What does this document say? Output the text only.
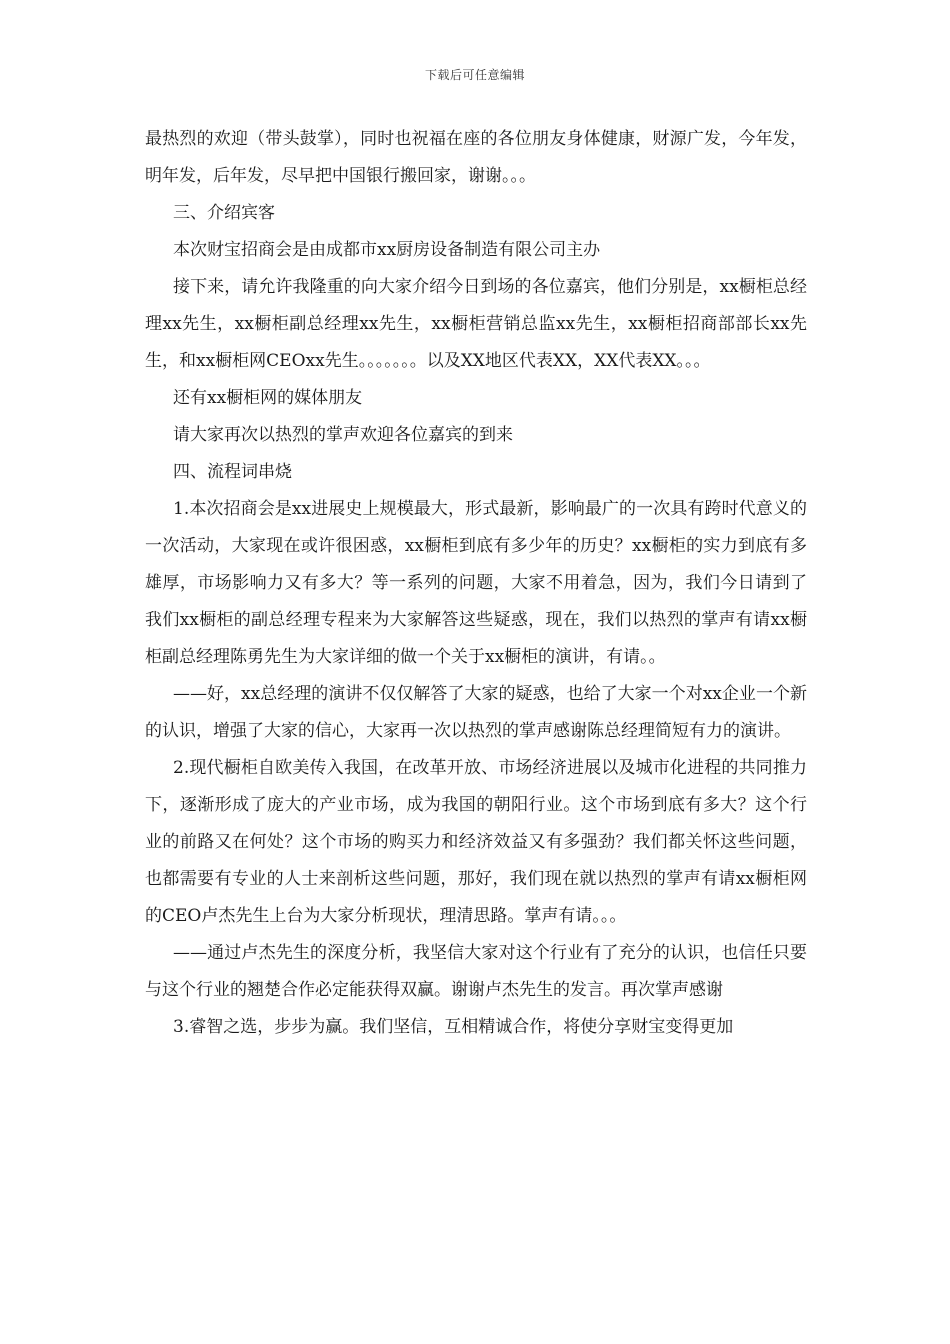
下载后可任意编辑

最热烈的欢迎（带头鼓掌），同时也祝福在座的各位朋友身体健康，财源广发，今年发，明年发，后年发，尽早把中国银行搬回家，谢谢。。。

三、介绍宾客

本次财宝招商会是由成都市xx厨房设备制造有限公司主办

接下来，请允许我隆重的向大家介绍今日到场的各位嘉宾，他们分别是，xx橱柜总经理xx先生，xx橱柜副总经理xx先生，xx橱柜营销总监xx先生，xx橱柜招商部部长xx先生，和xx橱柜网CEOxx先生。。。。。。。以及XX地区代表XX，XX代表XX。。。

还有xx橱柜网的媒体朋友

请大家再次以热烈的掌声欢迎各位嘉宾的到来

四、流程词串烧

1.本次招商会是xx进展史上规模最大，形式最新，影响最广的一次具有跨时代意义的一次活动，大家现在或许很困惑，xx橱柜到底有多少年的历史？xx橱柜的实力到底有多雄厚，市场影响力又有多大？等一系列的问题，大家不用着急，因为，我们今日请到了我们xx橱柜的副总经理专程来为大家解答这些疑惑，现在，我们以热烈的掌声有请xx橱柜副总经理陈勇先生为大家详细的做一个关于xx橱柜的演讲，有请。。

——好，xx总经理的演讲不仅仅解答了大家的疑惑，也给了大家一个对xx企业一个新的认识，增强了大家的信心，大家再一次以热烈的掌声感谢陈总经理简短有力的演讲。

2.现代橱柜自欧美传入我国，在改革开放、市场经济进展以及城市化进程的共同推力下，逐渐形成了庞大的产业市场，成为我国的朝阳行业。这个市场到底有多大？这个行业的前路又在何处？这个市场的购买力和经济效益又有多强劲？我们都关怀这些问题，也都需要有专业的人士来剖析这些问题，那好，我们现在就以热烈的掌声有请xx橱柜网的CEO卢杰先生上台为大家分析现状，理清思路。掌声有请。。。

——通过卢杰先生的深度分析，我坚信大家对这个行业有了充分的认识，也信任只要与这个行业的翘楚合作必定能获得双赢。谢谢卢杰先生的发言。再次掌声感谢

3.睿智之选，步步为赢。我们坚信，互相精诚合作，将使分享财宝变得更加
